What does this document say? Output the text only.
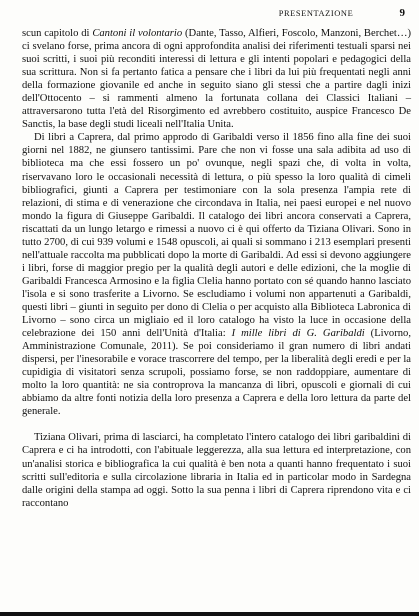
PRESENTAZIONE	9

scun capitolo di Cantoni il volontario (Dante, Tasso, Alfieri, Foscolo, Manzoni, Berchet…) ci svelano forse, prima ancora di ogni approfondita analisi dei riferimenti testuali sparsi nei suoi scritti, i suoi più reconditi interessi di lettura e gli intenti popolari e pedagogici della sua scrittura. Non si fa pertanto fatica a pensare che i libri da lui più frequentati negli anni della formazione giovanile ed anche in seguito siano gli stessi che a partire dagli inizi dell'Ottocento – si rammenti almeno la fortunata collana dei Classici Italiani – attraversarono tutta l'età del Risorgimento ed avrebbero costituito, auspice Francesco De Sanctis, la base degli studi liceali nell'Italia Unita.

Di libri a Caprera, dal primo approdo di Garibaldi verso il 1856 fino alla fine dei suoi giorni nel 1882, ne giunsero tantissimi. Pare che non vi fosse una sala adibita ad uso di biblioteca ma che essi fossero un po' ovunque, negli spazi che, di volta in volta, riservavano loro le occasionali necessità di lettura, o più spesso la loro qualità di cimeli bibliografici, giunti a Caprera per testimoniare con la sola presenza l'ampia rete di relazioni, di stima e di venerazione che circondava in Italia, nei paesi europei e nel nuovo mondo la figura di Giuseppe Garibaldi. Il catalogo dei libri ancora conservati a Caprera, riscattati da un lungo letargo e rimessi a nuovo ci è qui offerto da Tiziana Olivari. Sono in tutto 2700, di cui 939 volumi e 1548 opuscoli, ai quali si sommano i 213 esemplari presenti nell'attuale raccolta ma pubblicati dopo la morte di Garibaldi. Ad essi si devono aggiungere i libri, forse di maggior pregio per la qualità degli autori e delle edizioni, che la moglie di Garibaldi Francesca Armosino e la figlia Clelia hanno portato con sé quando hanno lasciato l'isola e si sono trasferite a Livorno. Se escludiamo i volumi non appartenuti a Garibaldi, questi libri – giunti in seguito per dono di Clelia o per acquisto alla Biblioteca Labronica di Livorno – sono circa un migliaio ed il loro catalogo ha visto la luce in occasione della celebrazione dei 150 anni dell'Unità d'Italia: I mille libri di G. Garibaldi (Livorno, Amministrazione Comunale, 2011). Se poi consideriamo il gran numero di libri andati dispersi, per l'inesorabile e vorace trascorrere del tempo, per la liberalità degli eredi e per la cupidigia di visitatori senza scrupoli, possiamo forse, se non raddoppiare, aumentare di molto la loro quantità: ne sia controprova la mancanza di libri, opuscoli e giornali di cui abbiamo da altre fonti notizia della loro presenza a Caprera e della loro lettura da parte del generale.

Tiziana Olivari, prima di lasciarci, ha completato l'intero catalogo dei libri garibaldini di Caprera e ci ha introdotti, con l'abituale leggerezza, alla sua lettura ed interpretazione, con un'analisi storica e bibliografica la cui qualità è ben nota a quanti hanno frequentato i suoi scritti sull'editoria e sulla circolazione libraria in Italia ed in particolar modo in Sardegna dalle origini della stampa ad oggi. Sotto la sua penna i libri di Caprera riprendono vita e ci raccontano
